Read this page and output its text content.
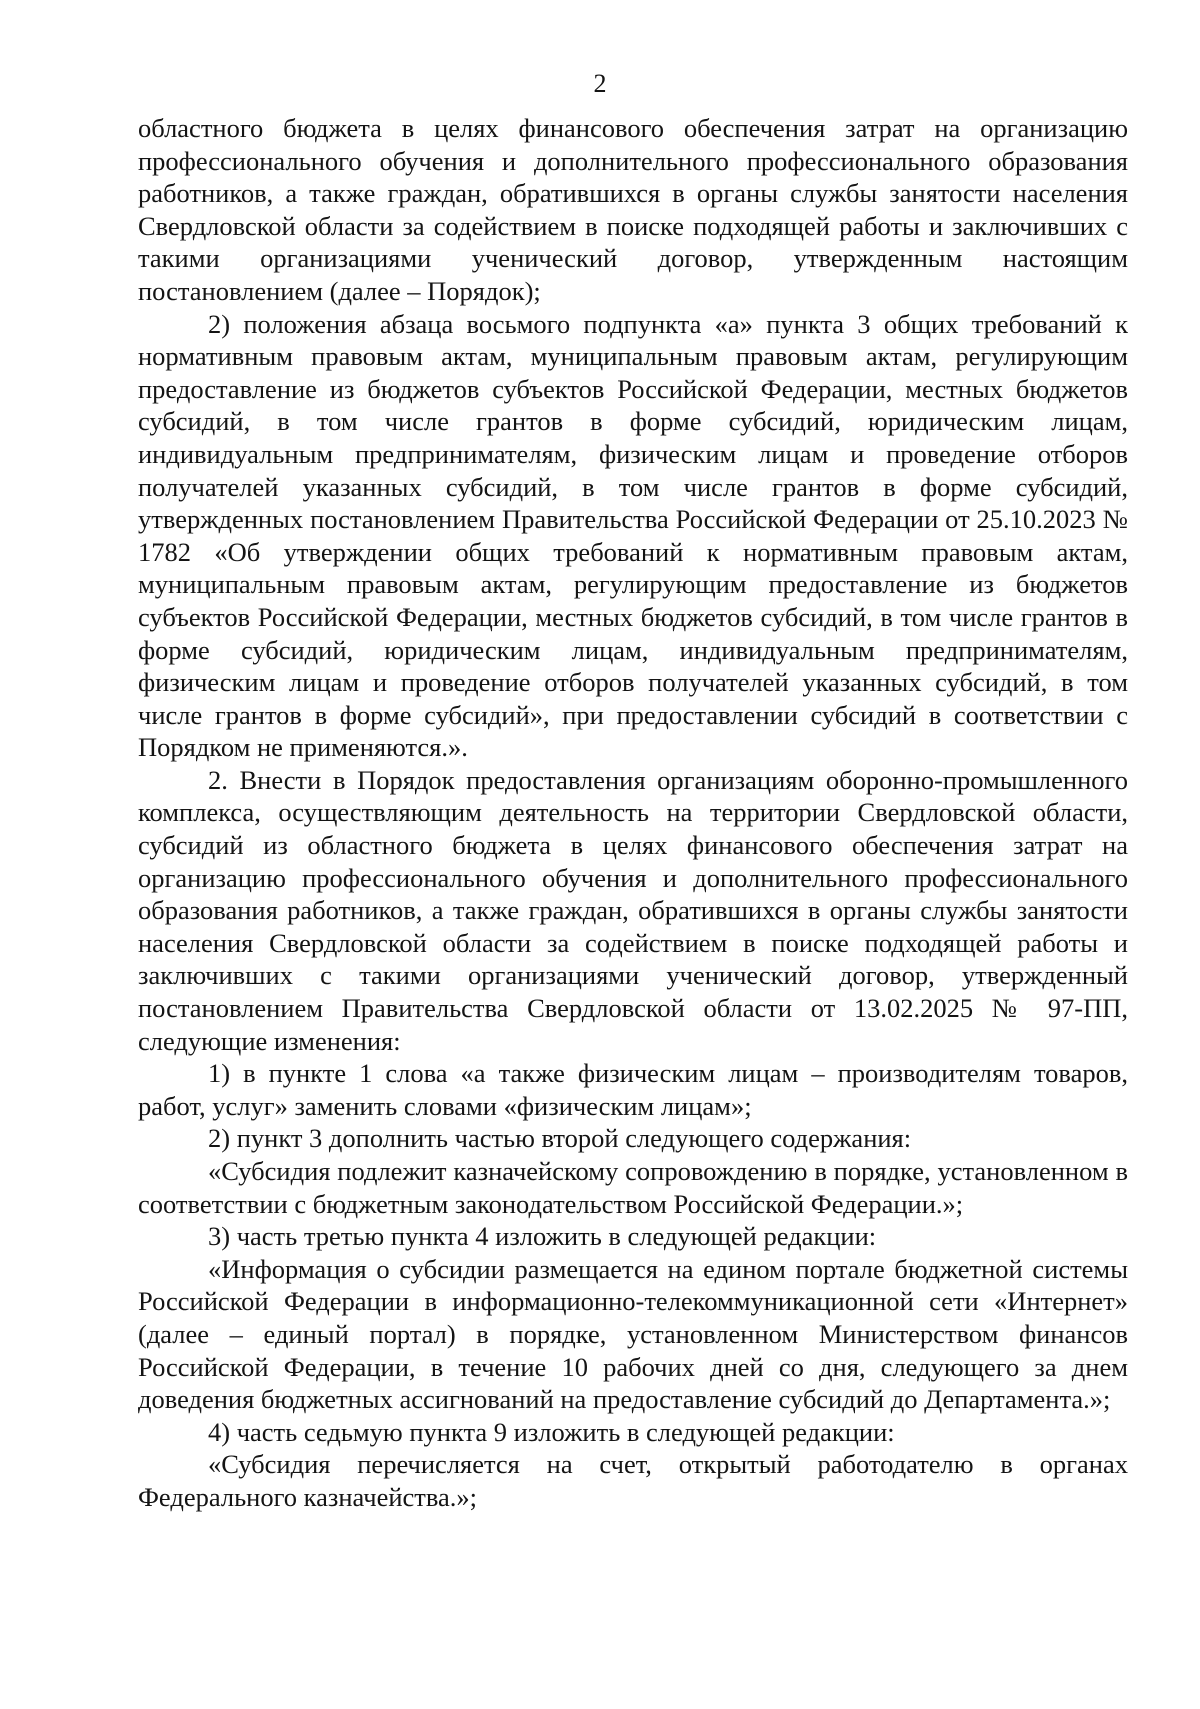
2

областного бюджета в целях финансового обеспечения затрат на организацию профессионального обучения и дополнительного профессионального образования работников, а также граждан, обратившихся в органы службы занятости населения Свердловской области за содействием в поиске подходящей работы и заключивших с такими организациями ученический договор, утвержденным настоящим постановлением (далее – Порядок);

2) положения абзаца восьмого подпункта «а» пункта 3 общих требований к нормативным правовым актам, муниципальным правовым актам, регулирующим предоставление из бюджетов субъектов Российской Федерации, местных бюджетов субсидий, в том числе грантов в форме субсидий, юридическим лицам, индивидуальным предпринимателям, физическим лицам и проведение отборов получателей указанных субсидий, в том числе грантов в форме субсидий, утвержденных постановлением Правительства Российской Федерации от 25.10.2023 № 1782 «Об утверждении общих требований к нормативным правовым актам, муниципальным правовым актам, регулирующим предоставление из бюджетов субъектов Российской Федерации, местных бюджетов субсидий, в том числе грантов в форме субсидий, юридическим лицам, индивидуальным предпринимателям, физическим лицам и проведение отборов получателей указанных субсидий, в том числе грантов в форме субсидий», при предоставлении субсидий в соответствии с Порядком не применяются.».

2. Внести в Порядок предоставления организациям оборонно-промышленного комплекса, осуществляющим деятельность на территории Свердловской области, субсидий из областного бюджета в целях финансового обеспечения затрат на организацию профессионального обучения и дополнительного профессионального образования работников, а также граждан, обратившихся в органы службы занятости населения Свердловской области за содействием в поиске подходящей работы и заключивших с такими организациями ученический договор, утвержденный постановлением Правительства Свердловской области от 13.02.2025 № 97-ПП, следующие изменения:

1) в пункте 1 слова «а также физическим лицам – производителям товаров, работ, услуг» заменить словами «физическим лицам»;

2) пункт 3 дополнить частью второй следующего содержания:

«Субсидия подлежит казначейскому сопровождению в порядке, установленном в соответствии с бюджетным законодательством Российской Федерации.»;

3) часть третью пункта 4 изложить в следующей редакции:

«Информация о субсидии размещается на едином портале бюджетной системы Российской Федерации в информационно-телекоммуникационной сети «Интернет» (далее – единый портал) в порядке, установленном Министерством финансов Российской Федерации, в течение 10 рабочих дней со дня, следующего за днем доведения бюджетных ассигнований на предоставление субсидий до Департамента.»;

4) часть седьмую пункта 9 изложить в следующей редакции:

«Субсидия перечисляется на счет, открытый работодателю в органах Федерального казначейства.»;
